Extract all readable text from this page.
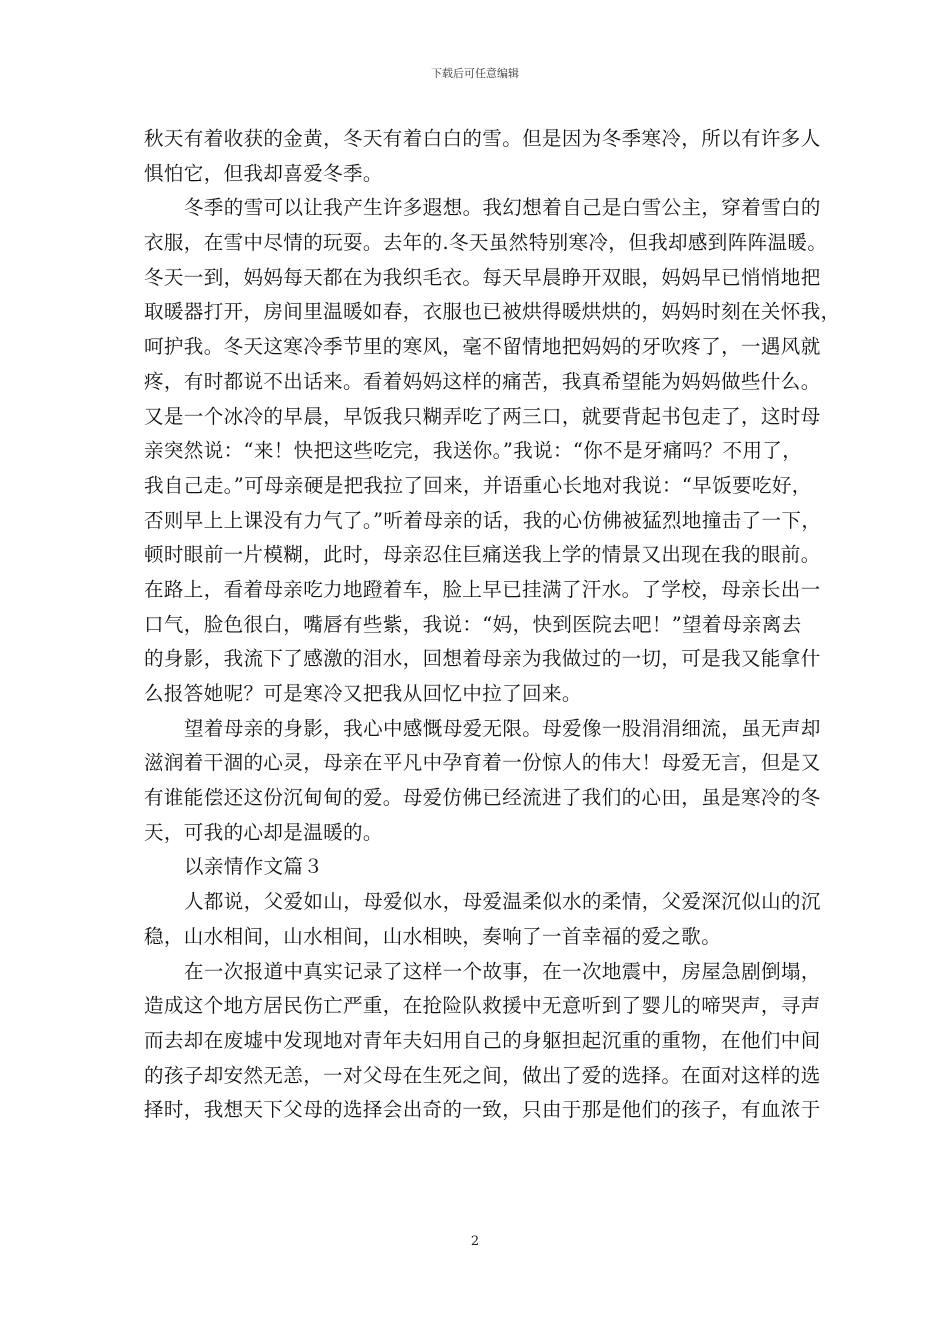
下载后可任意编辑
秋天有着收获的金黄，冬天有着白白的雪。但是因为冬季寒冷，所以有许多人
惧怕它，但我却喜爱冬季。
冬季的雪可以让我产生许多遐想。我幻想着自己是白雪公主，穿着雪白的
衣服，在雪中尽情的玩耍。去年的.冬天虽然特别寒冷，但我却感到阵阵温暖。
冬天一到，妈妈每天都在为我织毛衣。每天早晨睁开双眼，妈妈早已悄悄地把
取暖器打开，房间里温暖如春，衣服也已被烘得暖烘烘的，妈妈时刻在关怀我，
呵护我。冬天这寒冷季节里的寒风，毫不留情地把妈妈的牙吹疼了，一遇风就
疼，有时都说不出话来。看着妈妈这样的痛苦，我真希望能为妈妈做些什么。
又是一个冰冷的早晨，早饭我只糊弄吃了两三口，就要背起书包走了，这时母
亲突然说：“来！快把这些吃完，我送你。”我说：“你不是牙痛吗？不用了，
我自己走。”可母亲硬是把我拉了回来，并语重心长地对我说：“早饭要吃好，
否则早上上课没有力气了。”听着母亲的话，我的心仿佛被猛烈地撞击了一下，
顿时眼前一片模糊，此时，母亲忍住巨痛送我上学的情景又出现在我的眼前。
在路上，看着母亲吃力地蹬着车，脸上早已挂满了汗水。了学校，母亲长出一
口气，脸色很白，嘴唇有些紫，我说：“妈，快到医院去吧！”望着母亲离去
的身影，我流下了感激的泪水，回想着母亲为我做过的一切，可是我又能拿什
么报答她呢？可是寒冷又把我从回忆中拉了回来。
望着母亲的身影，我心中感慨母爱无限。母爱像一股涓涓细流，虽无声却
滋润着干涸的心灵，母亲在平凡中孕育着一份惊人的伟大！母爱无言，但是又
有谁能偿还这份沉甸甸的爱。母爱仿佛已经流进了我们的心田，虽是寒冷的冬
天，可我的心却是温暖的。
以亲情作文篇３
人都说，父爱如山，母爱似水，母爱温柔似水的柔情，父爱深沉似山的沉
稳，山水相间，山水相间，山水相映，奏响了一首幸福的爱之歌。
在一次报道中真实记录了这样一个故事，在一次地震中，房屋急剧倒塌，
造成这个地方居民伤亡严重，在抢险队救援中无意听到了婴儿的啼哭声，寻声
而去却在废墟中发现地对青年夫妇用自己的身躯担起沉重的重物，在他们中间
的孩子却安然无恙，一对父母在生死之间，做出了爱的选择。在面对这样的选
择时，我想天下父母的选择会出奇的一致，只由于那是他们的孩子，有血浓于
2
